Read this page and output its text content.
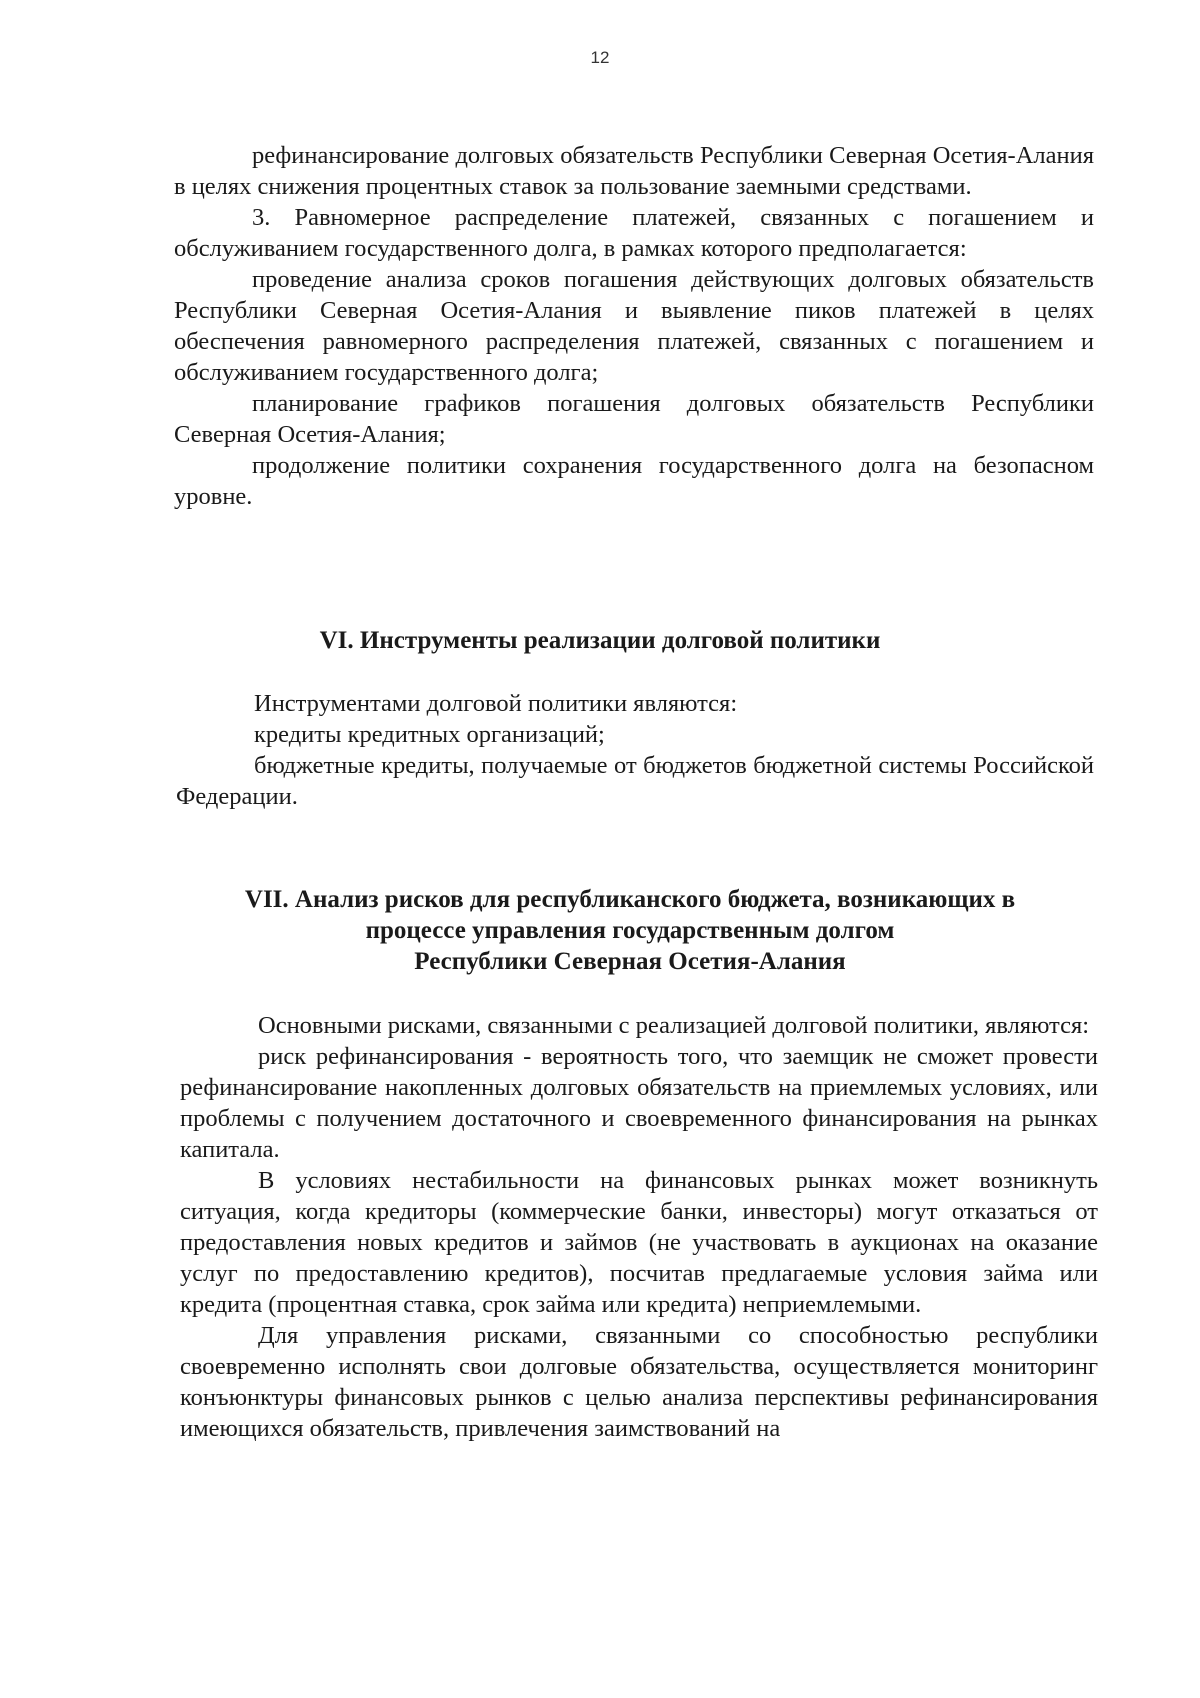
12

рефинансирование долговых обязательств Республики Северная Осетия-Алания в целях снижения процентных ставок за пользование заемными средствами.

3. Равномерное распределение платежей, связанных с погашением и обслуживанием государственного долга, в рамках которого предполагается:

проведение анализа сроков погашения действующих долговых обязательств Республики Северная Осетия-Алания и выявление пиков платежей в целях обеспечения равномерного распределения платежей, связанных с погашением и обслуживанием государственного долга;

планирование графиков погашения долговых обязательств Республики Северная Осетия-Алания;

продолжение политики сохранения государственного долга на безопасном уровне.

VI. Инструменты реализации долговой политики

Инструментами долговой политики являются:

кредиты кредитных организаций;

бюджетные кредиты, получаемые от бюджетов бюджетной системы Российской Федерации.

VII. Анализ рисков для республиканского бюджета, возникающих в
процессе управления государственным долгом
Республики Северная Осетия-Алания

Основными рисками, связанными с реализацией долговой политики, являются:

риск рефинансирования - вероятность того, что заемщик не сможет провести рефинансирование накопленных долговых обязательств на приемлемых условиях, или проблемы с получением достаточного и своевременного финансирования на рынках капитала.

В условиях нестабильности на финансовых рынках может возникнуть ситуация, когда кредиторы (коммерческие банки, инвесторы) могут отказаться от предоставления новых кредитов и займов (не участвовать в аукционах на оказание услуг по предоставлению кредитов), посчитав предлагаемые условия займа или кредита (процентная ставка, срок займа или кредита) неприемлемыми.

Для управления рисками, связанными со способностью республики своевременно исполнять свои долговые обязательства, осуществляется мониторинг конъюнктуры финансовых рынков с целью анализа перспективы рефинансирования имеющихся обязательств, привлечения заимствований на
